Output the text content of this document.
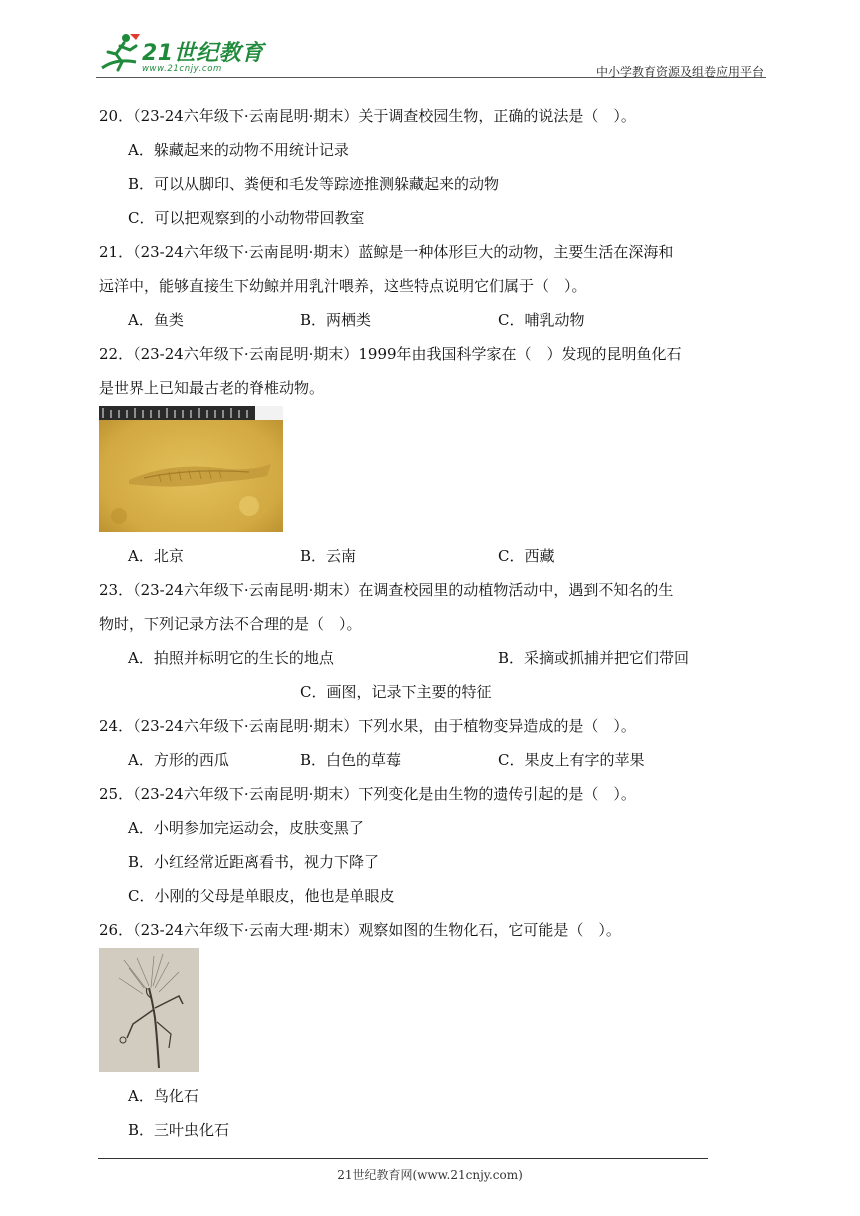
21世纪教育
www.21cnjy.com	中小学教育资源及组卷应用平台
20．（23-24六年级下·云南昆明·期末）关于调查校园生物，正确的说法是（　）。
A．躲藏起来的动物不用统计记录
B．可以从脚印、粪便和毛发等踪迹推测躲藏起来的动物
C．可以把观察到的小动物带回教室
21．（23-24六年级下·云南昆明·期末）蓝鲸是一种体形巨大的动物，主要生活在深海和
远洋中，能够直接生下幼鲸并用乳汁喂养，这些特点说明它们属于（　）。
A．鱼类	B．两栖类	C．哺乳动物
22．（23-24六年级下·云南昆明·期末）1999年由我国科学家在（　）发现的昆明鱼化石
是世界上已知最古老的脊椎动物。
A．北京	B．云南	C．西藏
23．（23-24六年级下·云南昆明·期末）在调查校园里的动植物活动中，遇到不知名的生
物时，下列记录方法不合理的是（　）。
A．拍照并标明它的生长的地点	B．采摘或抓捕并把它们带回
C．画图，记录下主要的特征
24．（23-24六年级下·云南昆明·期末）下列水果，由于植物变异造成的是（　）。
A．方形的西瓜	B．白色的草莓	C．果皮上有字的苹果
25．（23-24六年级下·云南昆明·期末）下列变化是由生物的遗传引起的是（　）。
A．小明参加完运动会，皮肤变黑了
B．小红经常近距离看书，视力下降了
C．小刚的父母是单眼皮，他也是单眼皮
26．（23-24六年级下·云南大理·期末）观察如图的生物化石，它可能是（　）。
A．鸟化石
B．三叶虫化石
21世纪教育网(www.21cnjy.com)
